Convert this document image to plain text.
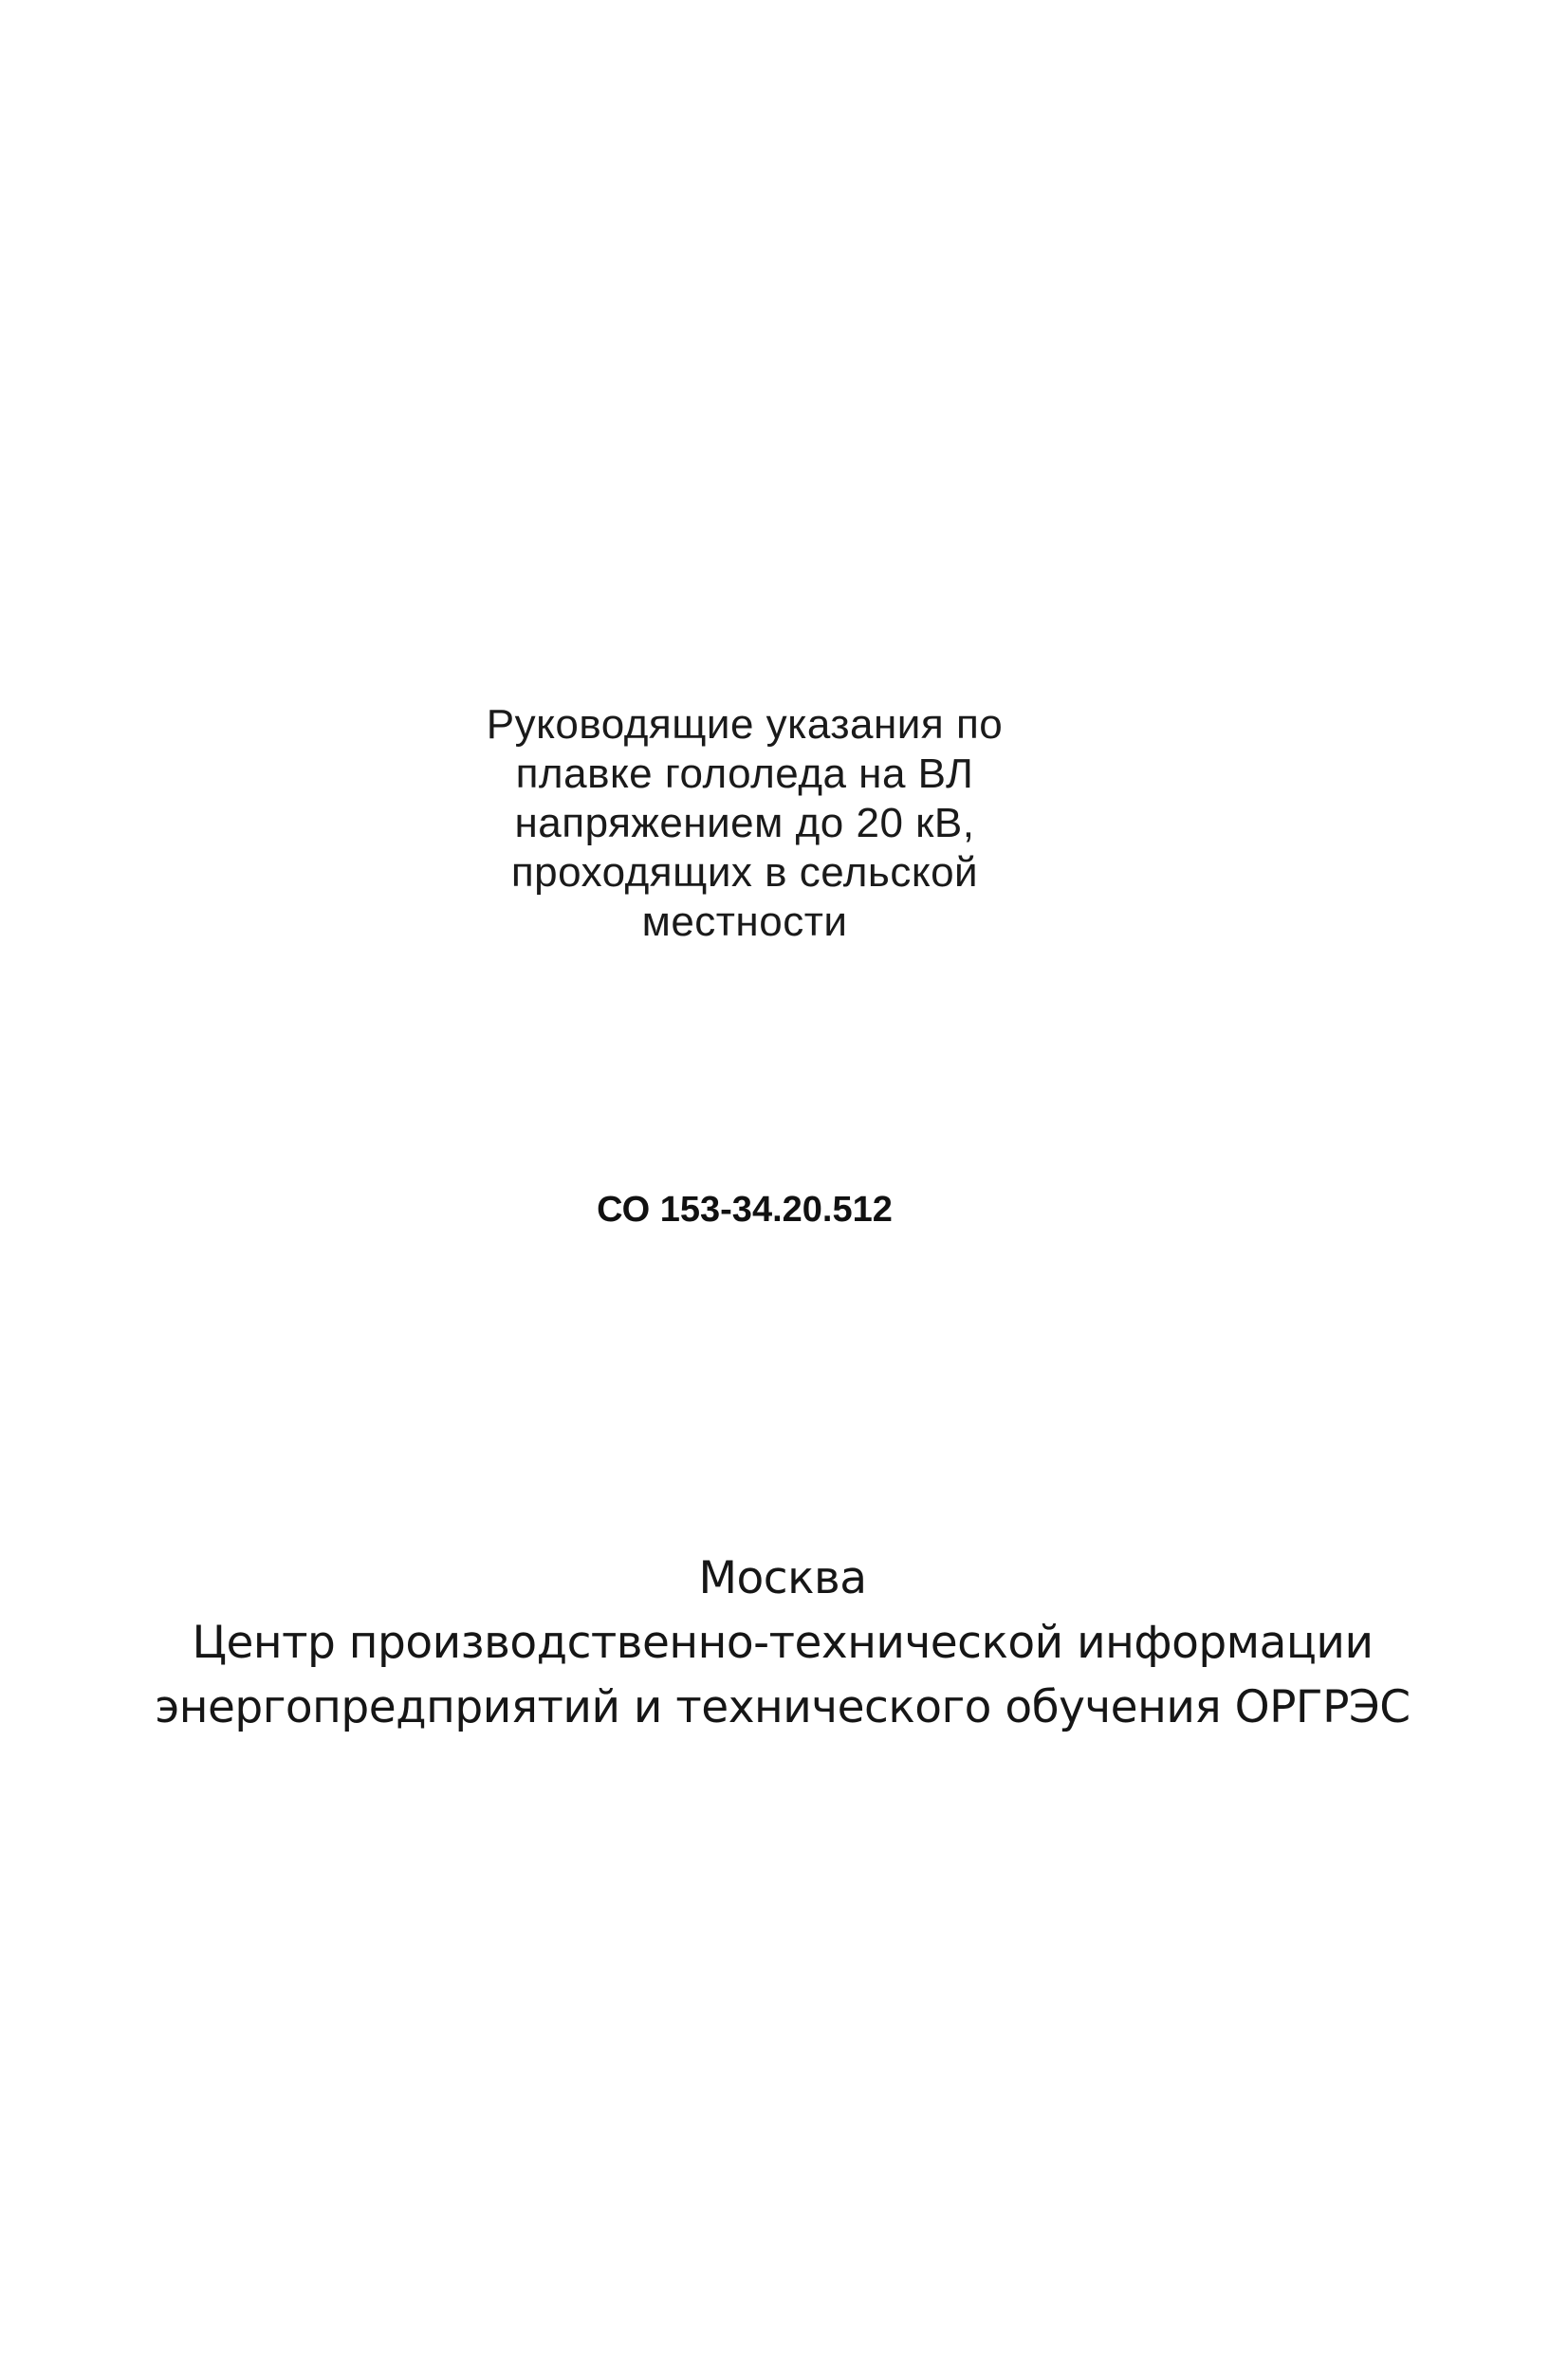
Руководящие указания по
плавке гололеда на ВЛ
напряжением до 20 кВ,
проходящих в сельской
местности
СО 153-34.20.512
Москва
Центр производственно-технической информации
энергопредприятий и технического обучения ОРГРЭС
